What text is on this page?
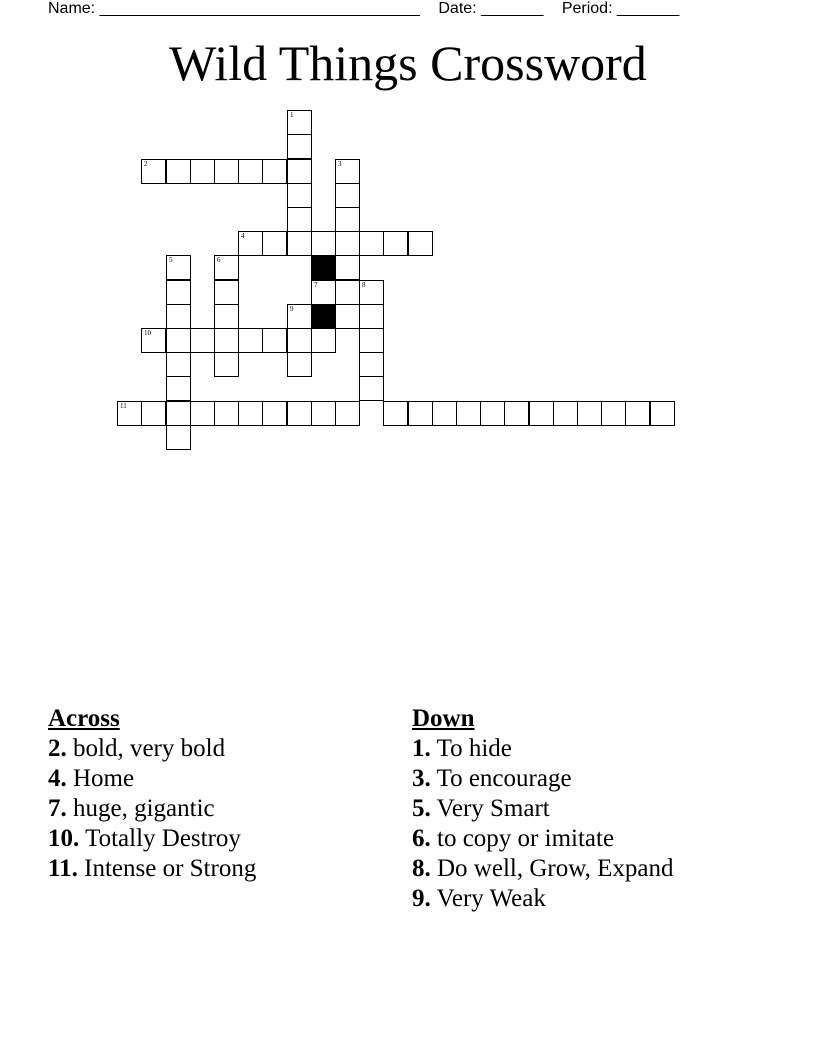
Name: ____________________________________ Date: _______ Period: _______
Wild Things Crossword
1
2	3
4
5	6
7	8
9
10
11
Across
2. bold, very bold
4. Home
7. huge, gigantic
10. Totally Destroy
11. Intense or Strong
Down
1. To hide
3. To encourage
5. Very Smart
6. to copy or imitate
8. Do well, Grow, Expand
9. Very Weak
